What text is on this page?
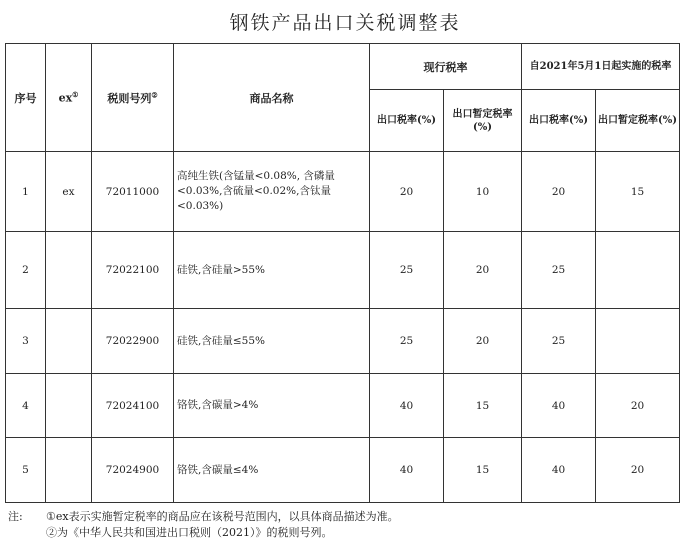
钢铁产品出口关税调整表
序号	ex①	税则号列②	商品名称	现行税率		自2021年5月1日起实施的税率	
				出口税率(%)	出口暂定税率(%)	出口税率(%)	出口暂定税率(%)
1	ex	72011000	高纯生铁(含锰量<0.08%, 含磷量<0.03%,含硫量<0.02%,含钛量<0.03%)	20	10	20	15
2		72022100	硅铁,含硅量>55%	25	20	25	
3		72022900	硅铁,含硅量≤55%	25	20	25	
4		72024100	铬铁,含碳量>4%	40	15	40	20
5		72024900	铬铁,含碳量≤4%	40	15	40	20
注:	①ex表示实施暂定税率的商品应在该税号范围内，以具体商品描述为准。
②为《中华人民共和国进出口税则（2021）》的税则号列。
